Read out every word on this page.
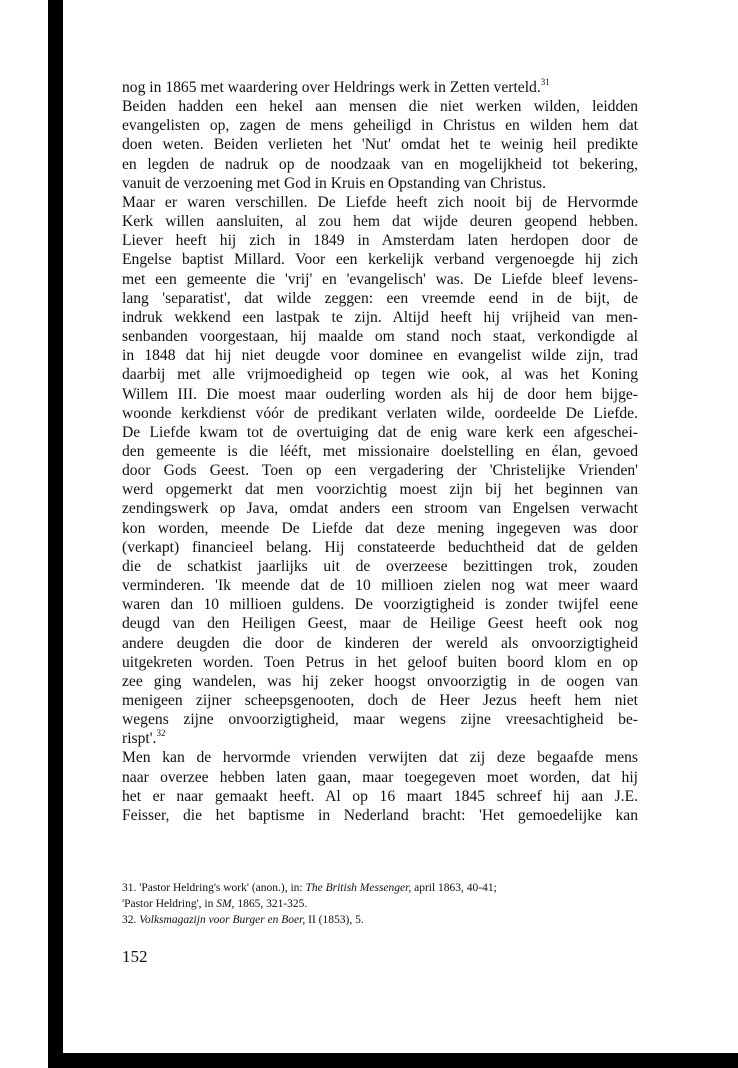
nog in 1865 met waardering over Heldrings werk in Zetten verteld.$^{31}$
Beiden hadden een hekel aan mensen die niet werken wilden, leidden
evangelisten op, zagen de mens geheiligd in Christus en wilden hem dat
doen weten. Beiden verlieten het 'Nut' omdat het te weinig heil predikte
en legden de nadruk op de noodzaak van en mogelijkheid tot bekering,
vanuit de verzoening met God in Kruis en Opstanding van Christus.
Maar er waren verschillen. De Liefde heeft zich nooit bij de Hervormde
Kerk willen aansluiten, al zou hem dat wijde deuren geopend hebben.
Liever heeft hij zich in 1849 in Amsterdam laten herdopen door de
Engelse baptist Millard. Voor een kerkelijk verband vergenoegde hij zich
met een gemeente die 'vrij' en 'evangelisch' was. De Liefde bleef levens-
lang 'separatist', dat wilde zeggen: een vreemde eend in de bijt, de
indruk wekkend een lastpak te zijn. Altijd heeft hij vrijheid van men-
senbanden voorgestaan, hij maalde om stand noch staat, verkondigde al
in 1848 dat hij niet deugde voor dominee en evangelist wilde zijn, trad
daarbij met alle vrijmoedigheid op tegen wie ook, al was het Koning
Willem III. Die moest maar ouderling worden als hij de door hem bijge-
woonde kerkdienst vóór de predikant verlaten wilde, oordeelde De Liefde.
De Liefde kwam tot de overtuiging dat de enig ware kerk een afgeschei-
den gemeente is die lééft, met missionaire doelstelling en élan, gevoed
door Gods Geest. Toen op een vergadering der 'Christelijke Vrienden'
werd opgemerkt dat men voorzichtig moest zijn bij het beginnen van
zendingswerk op Java, omdat anders een stroom van Engelsen verwacht
kon worden, meende De Liefde dat deze mening ingegeven was door
(verkapt) financieel belang. Hij constateerde beduchtheid dat de gelden
die de schatkist jaarlijks uit de overzeese bezittingen trok, zouden
verminderen. 'Ik meende dat de 10 millioen zielen nog wat meer waard
waren dan 10 millioen guldens. De voorzigtigheid is zonder twijfel eene
deugd van den Heiligen Geest, maar de Heilige Geest heeft ook nog
andere deugden die door de kinderen der wereld als onvoorzigtigheid
uitgekreten worden. Toen Petrus in het geloof buiten boord klom en op
zee ging wandelen, was hij zeker hoogst onvoorzigtig in de oogen van
menigeen zijner scheepsgenooten, doch de Heer Jezus heeft hem niet
wegens zijne onvoorzigtigheid, maar wegens zijne vreesachtigheid be-
rispt'.$^{32}$
Men kan de hervormde vrienden verwijten dat zij deze begaafde mens
naar overzee hebben laten gaan, maar toegegeven moet worden, dat hij
het er naar gemaakt heeft. Al op 16 maart 1845 schreef hij aan J.E.
Feisser, die het baptisme in Nederland bracht: 'Het gemoedelijke kan
31. 'Pastor Heldring's work' (anon.), in: The British Messenger, april 1863, 40-41;
'Pastor Heldring', in SM, 1865, 321-325.
32. Volksmagazijn voor Burger en Boer, II (1853), 5.
152
